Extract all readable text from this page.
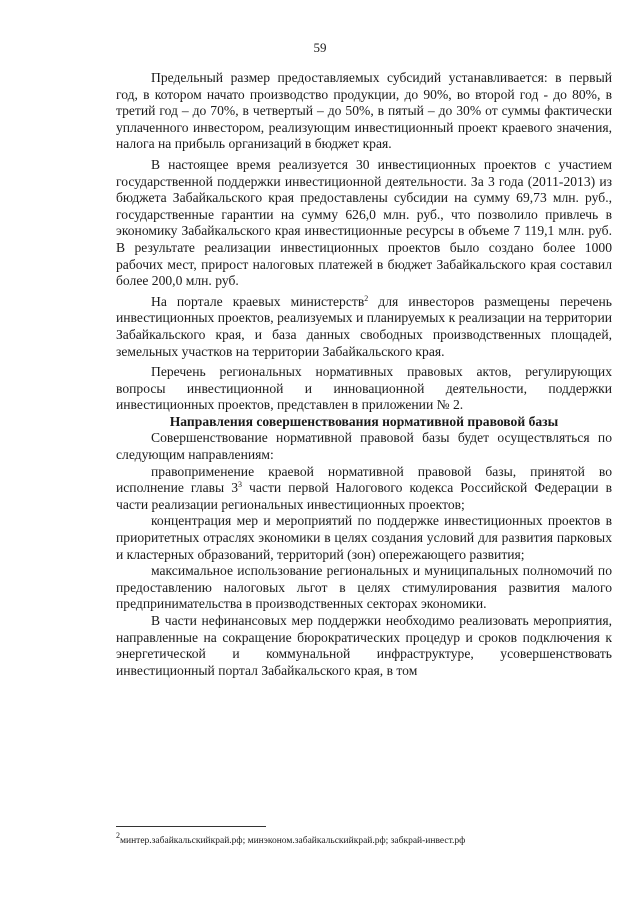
59

Предельный размер предоставляемых субсидий устанавливается: в первый год, в котором начато производство продукции, до 90%, во второй год - до 80%, в третий год – до 70%, в четвертый – до 50%, в пятый – до 30% от суммы фактически уплаченного инвестором, реализующим инвестиционный проект краевого значения, налога на прибыль организаций в бюджет края.

В настоящее время реализуется 30 инвестиционных проектов с участием государственной поддержки инвестиционной деятельности. За 3 года (2011-2013) из бюджета Забайкальского края предоставлены субсидии на сумму 69,73 млн. руб., государственные гарантии на сумму 626,0 млн. руб., что позволило привлечь в экономику Забайкальского края инвестиционные ресурсы в объеме 7 119,1 млн. руб. В результате реализации инвестиционных проектов было создано более 1000 рабочих мест, прирост налоговых платежей в бюджет Забайкальского края составил более 200,0 млн. руб.

На портале краевых министерств$^2$ для инвесторов размещены перечень инвестиционных проектов, реализуемых и планируемых к реализации на территории Забайкальского края, и база данных свободных производственных площадей, земельных участков на территории Забайкальского края.

Перечень региональных нормативных правовых актов, регулирующих вопросы инвестиционной и инновационной деятельности, поддержки инвестиционных проектов, представлен в приложении № 2.

Направления совершенствования нормативной правовой базы

Совершенствование нормативной правовой базы будет осуществляться по следующим направлениям:

правоприменение краевой нормативной правовой базы, принятой во исполнение главы $3^3$ части первой Налогового кодекса Российской Федерации в части реализации региональных инвестиционных проектов;

концентрация мер и мероприятий по поддержке инвестиционных проектов в приоритетных отраслях экономики в целях создания условий для развития парковых и кластерных образований, территорий (зон) опережающего развития;

максимальное использование региональных и муниципальных полномочий по предоставлению налоговых льгот в целях стимулирования развития малого предпринимательства в производственных секторах экономики.

В части нефинансовых мер поддержки необходимо реализовать мероприятия, направленные на сокращение бюрократических процедур и сроков подключения к энергетической и коммунальной инфраструктуре, усовершенствовать инвестиционный портал Забайкальского края, в том

$^2$минтер.забайкальскийкрай.рф; минэконом.забайкальскийкрай.рф; забкрай-инвест.рф
